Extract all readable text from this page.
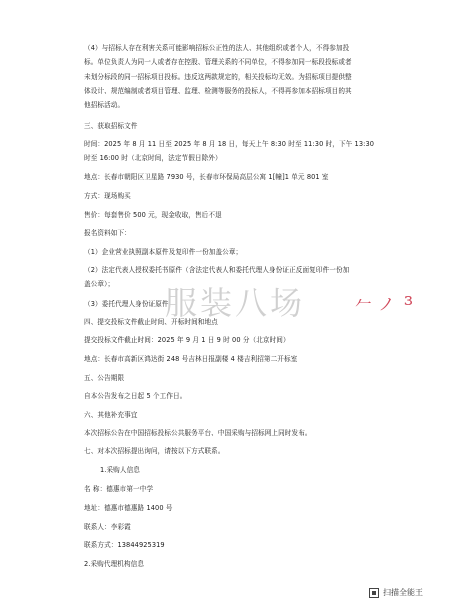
（4）与招标人存在利害关系可能影响招标公正性的法人、其他组织或者个人，不得参加投
标。单位负责人为同一人或者存在控股、管理关系的不同单位，不得参加同一标段投标或者
未划分标段的同一招标项目投标。违反这两款规定的，相关投标均无效。为招标项目提供整
体设计、规范编制或者项目管理、监理、检测等服务的投标人，不得再参加本招标项目的其
他招标活动。
三、获取招标文件
时间：2025 年 8 月 11 日至 2025 年 8 月 18 日，每天上午 8:30 时至 11:30 时，下午 13:30
时至 16:00 时（北京时间，法定节假日除外）
地点：长春市朝阳区卫星路 7930 号，长春市环保局高层公寓 1[幢]1 单元 801 室
方式：现场购买
售价：每套售价 500 元，现金收取，售后不退
报名资料如下：
（1）企业营业执照副本原件及复印件一份加盖公章；
（2）法定代表人授权委托书原件（含法定代表人和委托代理人身份证正反面复印件一份加
盖公章）；
（3）委托代理人身份证原件
四、提交投标文件截止时间、开标时间和地点
提交投标文件截止时间：2025 年 9 月 1 日 9 时 00 分（北京时间）
地点：长春市高新区鸿达街 248 号吉林日报副楼 4 楼吉利招第二开标室
五、公告期限
自本公告发布之日起 5 个工作日。
六、其他补充事宜
本次招标公告在中国招标投标公共服务平台、中国采购与招标网上同时发布。
七、对本次招标提出询问，请按以下方式联系。
1.采购人信息
名 称：德惠市第一中学
地址：德惠市德惠路 1400 号
联系人：李彩霞
联系方式：13844925319
2.采购代理机构信息
服装八场	𠂉 ノ ɜ
扫描全能王
